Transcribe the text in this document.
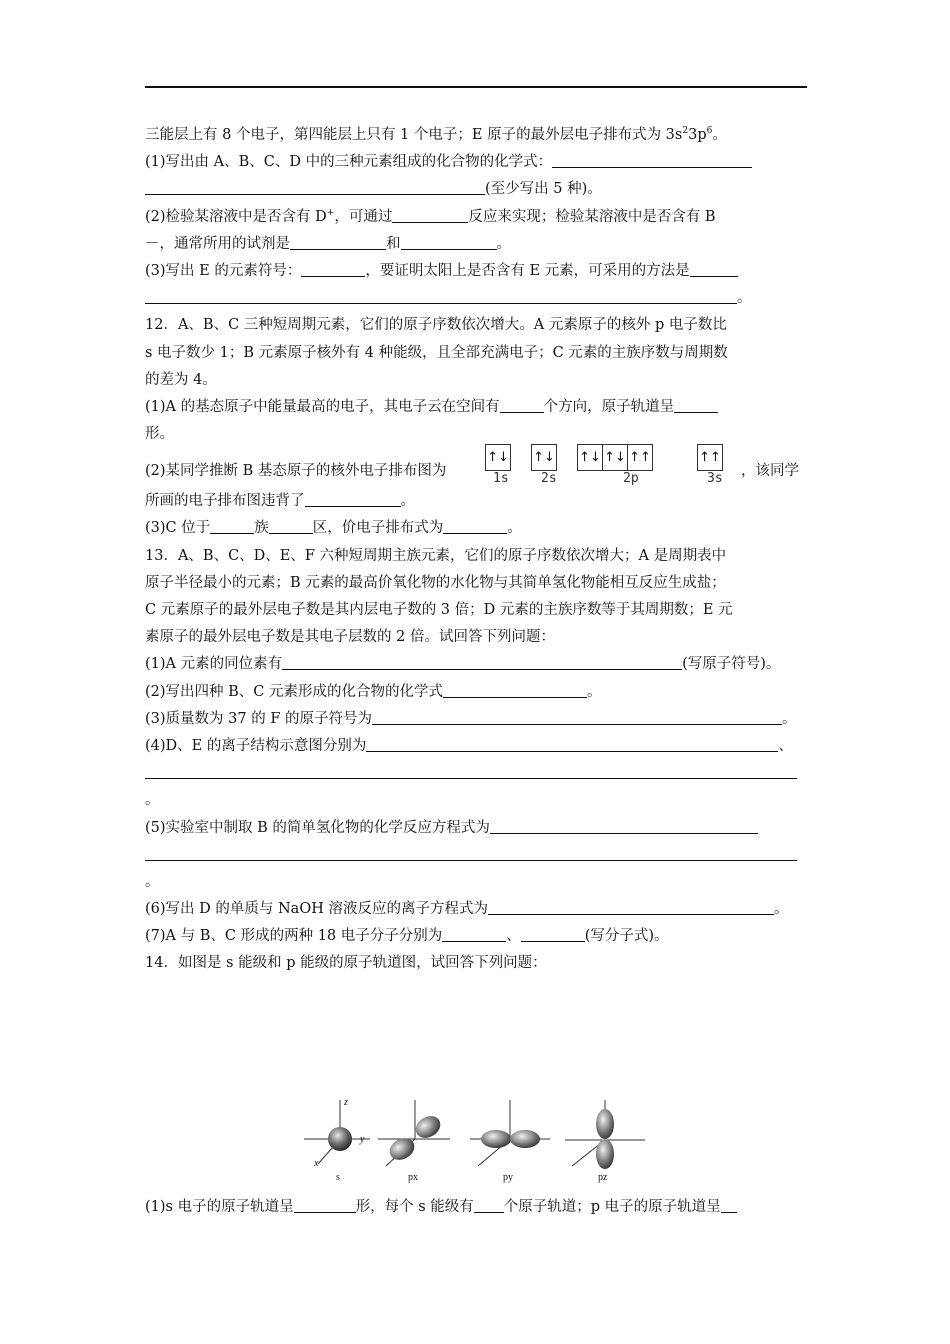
三能层上有 8 个电子，第四能层上只有 1 个电子；E 原子的最外层电子排布式为 $3s^23p^6$。

(1)写出由 A、B、C、D 中的三种元素组成的化合物的化学式：

(至少写出 5 种)。

(2)检验某溶液中是否含有 D+，可通过	反应来实现；检验某溶液中是否含有 B

－，通常所用的试剂是	和	。

(3)写出 E 的元素符号：	，要证明太阳上是否含有 E 元素，可采用的方法是

。

12．A、B、C 三种短周期元素，它们的原子序数依次增大。A 元素原子的核外 p 电子数比

s 电子数少 1；B 元素原子核外有 4 种能级，且全部充满电子；C 元素的主族序数与周期数

的差为 4。

(1)A 的基态原子中能量最高的电子，其电子云在空间有	个方向，原子轨道呈

形。

↑↓ ↑↓ ↑↓ ↑↓ ↑↑	↑↑
1s 2s	2p	3s

(2)某同学推断 B 基态原子的核外电子排布图为	，该同学

所画的电子排布图违背了	。

(3)C 位于	族	区，价电子排布式为	。

13．A、B、C、D、E、F 六种短周期主族元素，它们的原子序数依次增大；A 是周期表中

原子半径最小的元素；B 元素的最高价氧化物的水化物与其简单氢化物能相互反应生成盐；

C 元素原子的最外层电子数是其内层电子数的 3 倍；D 元素的主族序数等于其周期数；E 元

素原子的最外层电子数是其电子层数的 2 倍。试回答下列问题：

(1)A 元素的同位素有	(写原子符号)。

(2)写出四种 B、C 元素形成的化合物的化学式	。

(3)质量数为 37 的 F 的原子符号为	。

(4)D、E 的离子结构示意图分别为	、

。

(5)实验室中制取 B 的简单氢化物的化学反应方程式为

。

(6)写出 D 的单质与 NaOH 溶液反应的离子方程式为	。

(7)A 与 B、C 形成的两种 18 电子分子分别为	、	(写分子式)。

14．如图是 s 能级和 p 能级的原子轨道图，试回答下列问题：

z
y
x
s	px	py	pz

(1)s 电子的原子轨道呈	形，每个 s 能级有 个原子轨道；p 电子的原子轨道呈
